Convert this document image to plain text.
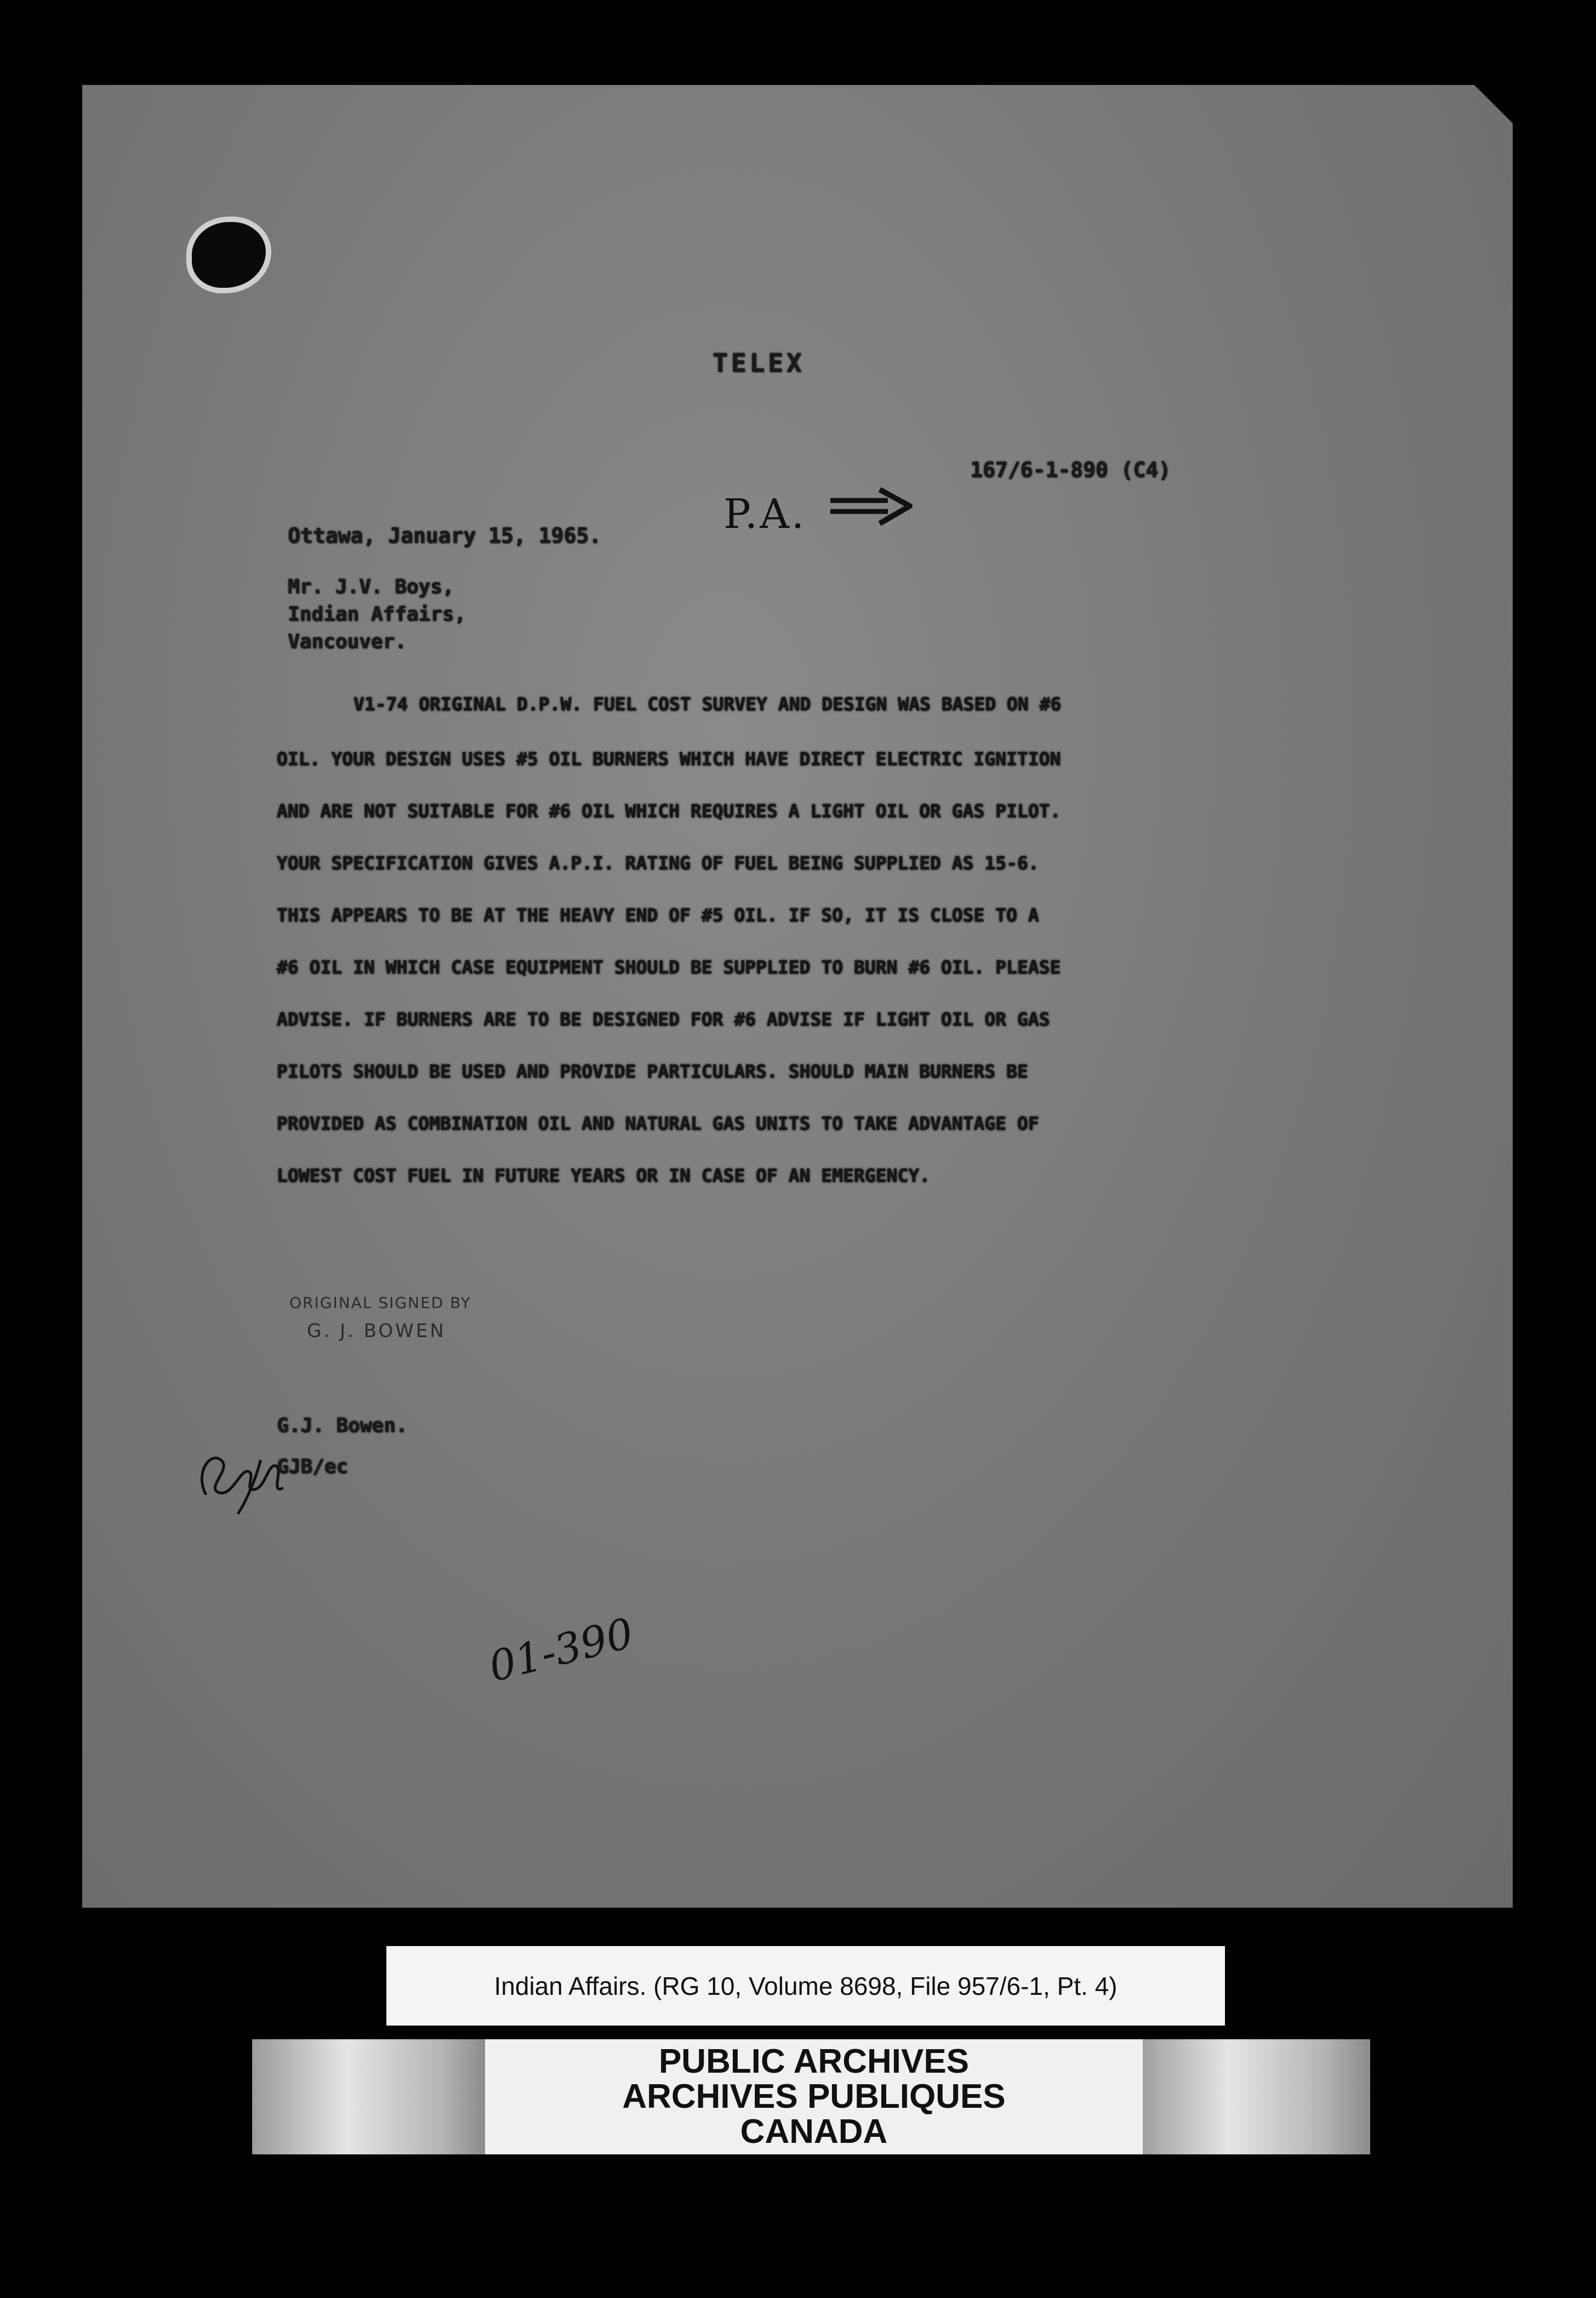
TELEX
167/6-1-890 (C4)
P.A.
Ottawa, January 15, 1965.
Mr. J.V. Boys,
Indian Affairs,
Vancouver.
V1-74 ORIGINAL D.P.W. FUEL COST SURVEY AND DESIGN WAS BASED ON #6
OIL. YOUR DESIGN USES #5 OIL BURNERS WHICH HAVE DIRECT ELECTRIC IGNITION
AND ARE NOT SUITABLE FOR #6 OIL WHICH REQUIRES A LIGHT OIL OR GAS PILOT.
YOUR SPECIFICATION GIVES A.P.I. RATING OF FUEL BEING SUPPLIED AS 15-6.
THIS APPEARS TO BE AT THE HEAVY END OF #5 OIL. IF SO, IT IS CLOSE TO A
#6 OIL IN WHICH CASE EQUIPMENT SHOULD BE SUPPLIED TO BURN #6 OIL. PLEASE
ADVISE. IF BURNERS ARE TO BE DESIGNED FOR #6 ADVISE IF LIGHT OIL OR GAS
PILOTS SHOULD BE USED AND PROVIDE PARTICULARS. SHOULD MAIN BURNERS BE
PROVIDED AS COMBINATION OIL AND NATURAL GAS UNITS TO TAKE ADVANTAGE OF
LOWEST COST FUEL IN FUTURE YEARS OR IN CASE OF AN EMERGENCY.
ORIGINAL SIGNED BY
G. J. BOWEN
G.J. Bowen.
GJB/ec
01-390
Indian Affairs. (RG 10, Volume 8698, File 957/6-1, Pt. 4)
PUBLIC ARCHIVES
ARCHIVES PUBLIQUES
CANADA
